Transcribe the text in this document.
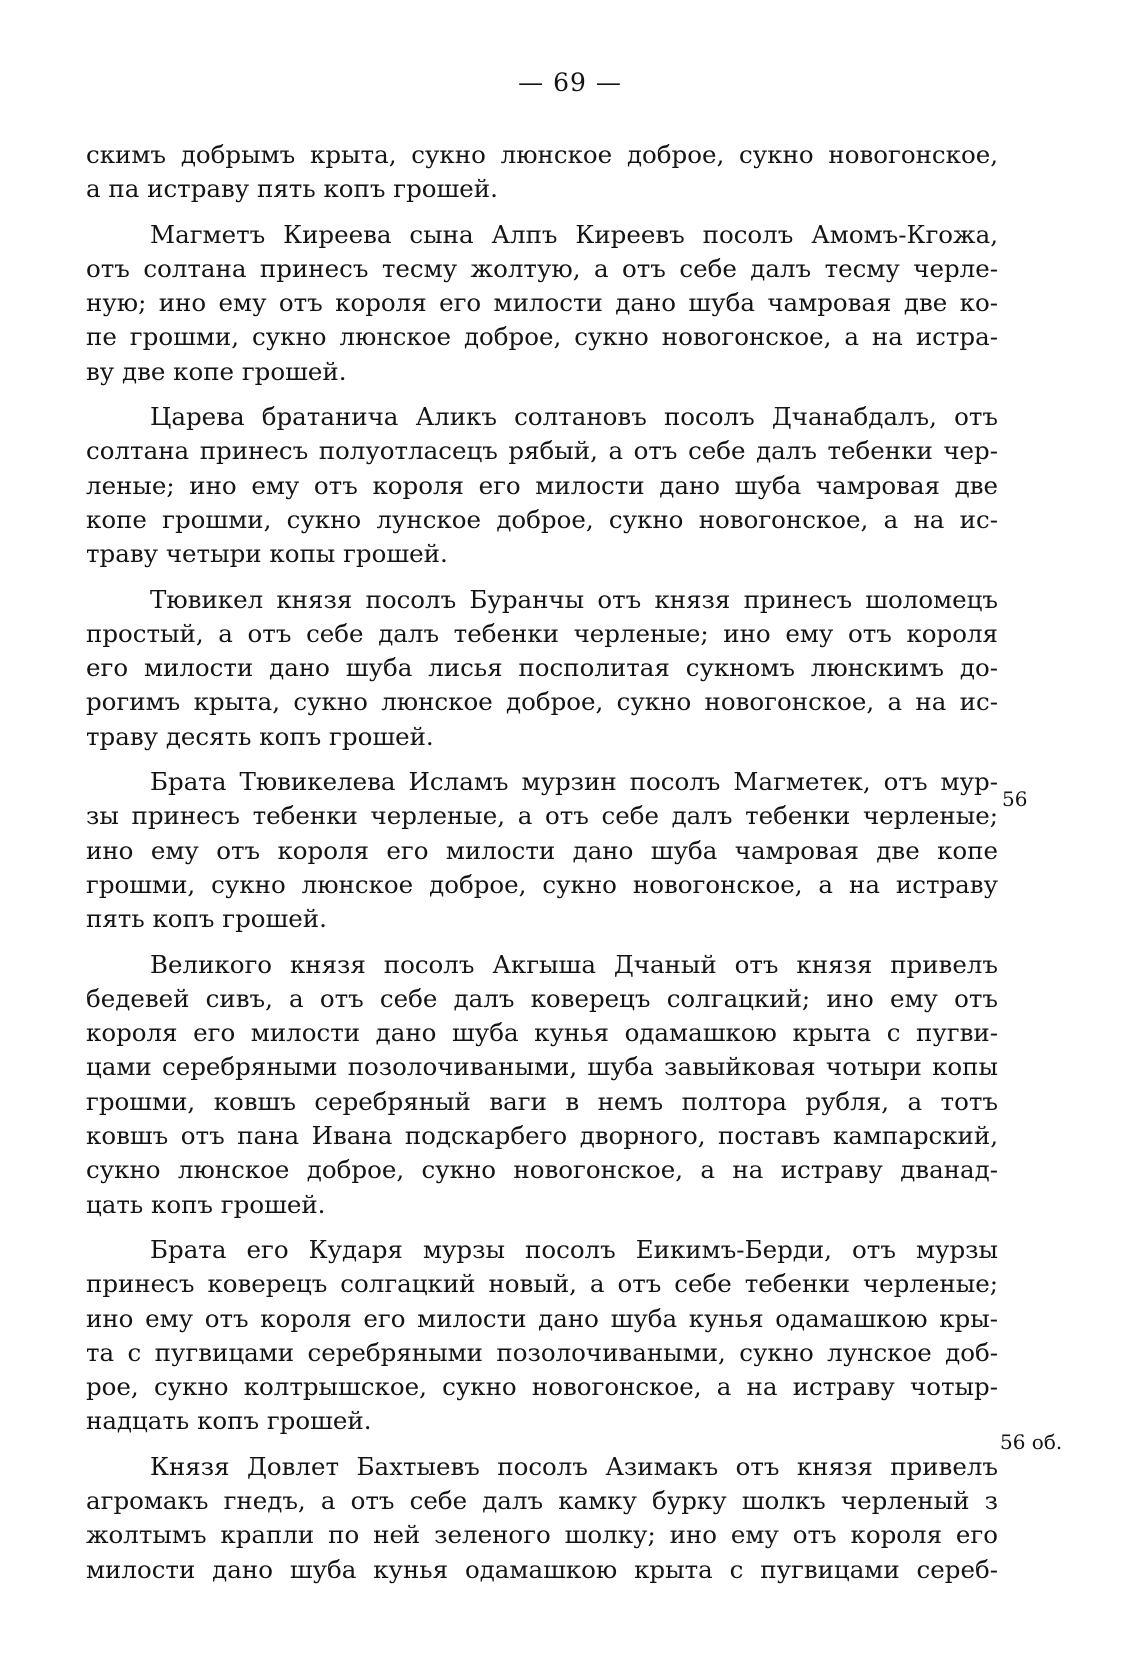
— 69 —

скимъ добрымъ крыта, сукно люнское доброе, сукно новогонское,
а па истраву пять копъ грошей.

Магметъ Киреева сына Алпъ Киреевъ посолъ Амомъ-Кгожа,
отъ солтана принесъ тесму жолтую, а отъ себе далъ тесму черле-
ную; ино ему отъ короля его милости дано шуба чамровая две ко-
пе грошми, сукно люнское доброе, сукно новогонское, а на истра-
ву две копе грошей.

Царева братанича Аликъ солтановъ посолъ Дчанабдалъ, отъ
солтана принесъ полуотласецъ рябый, а отъ себе далъ тебенки чер-
леные; ино ему отъ короля его милости дано шуба чамровая две
копе грошми, сукно лунское доброе, сукно новогонское, а на ис-
траву четыри копы грошей.

Тювикел князя посолъ Буранчы отъ князя принесъ шоломецъ
простый, а отъ себе далъ тебенки черленые; ино ему отъ короля
его милости дано шуба лисья посполитая сукномъ люнскимъ до-
рогимъ крыта, сукно люнское доброе, сукно новогонское, а на ис-
траву десять копъ грошей.

Брата Тювикелева Исламъ мурзин посолъ Магметек, отъ мур-
зы принесъ тебенки черленые, а отъ себе далъ тебенки черленые;
ино ему отъ короля его милости дано шуба чамровая две копе
грошми, сукно люнское доброе, сукно новогонское, а на истраву
пять копъ грошей.

Великого князя посолъ Акгыша Дчаный отъ князя привелъ
бедевей сивъ, а отъ себе далъ коверецъ солгацкий; ино ему отъ
короля его милости дано шуба кунья одамашкою крыта с пугви-
цами серебряными позолочиваными, шуба завыйковая чотыри копы
грошми, ковшъ серебряный ваги в немъ полтора рубля, а тотъ
ковшъ отъ пана Ивана подскарбего дворного, поставъ кампарский,
сукно люнское доброе, сукно новогонское, а на истраву дванад-
цать копъ грошей.

Брата его Кударя мурзы посолъ Еикимъ-Берди, отъ мурзы
принесъ коверецъ солгацкий новый, а отъ себе тебенки черленые;
ино ему отъ короля его милости дано шуба кунья одамашкою кры-
та с пугвицами серебряными позолочиваными, сукно лунское доб-
рое, сукно колтрышское, сукно новогонское, а на истраву чотыр-
надцать копъ грошей.

Князя Довлет Бахтыевъ посолъ Азимакъ отъ князя привелъ
агромакъ гнедъ, а отъ себе далъ камку бурку шолкъ черленый з
жолтымъ крапли по ней зеленого шолку; ино ему отъ короля его
милости дано шуба кунья одамашкою крыта с пугвицами сереб-

56
56 об.
